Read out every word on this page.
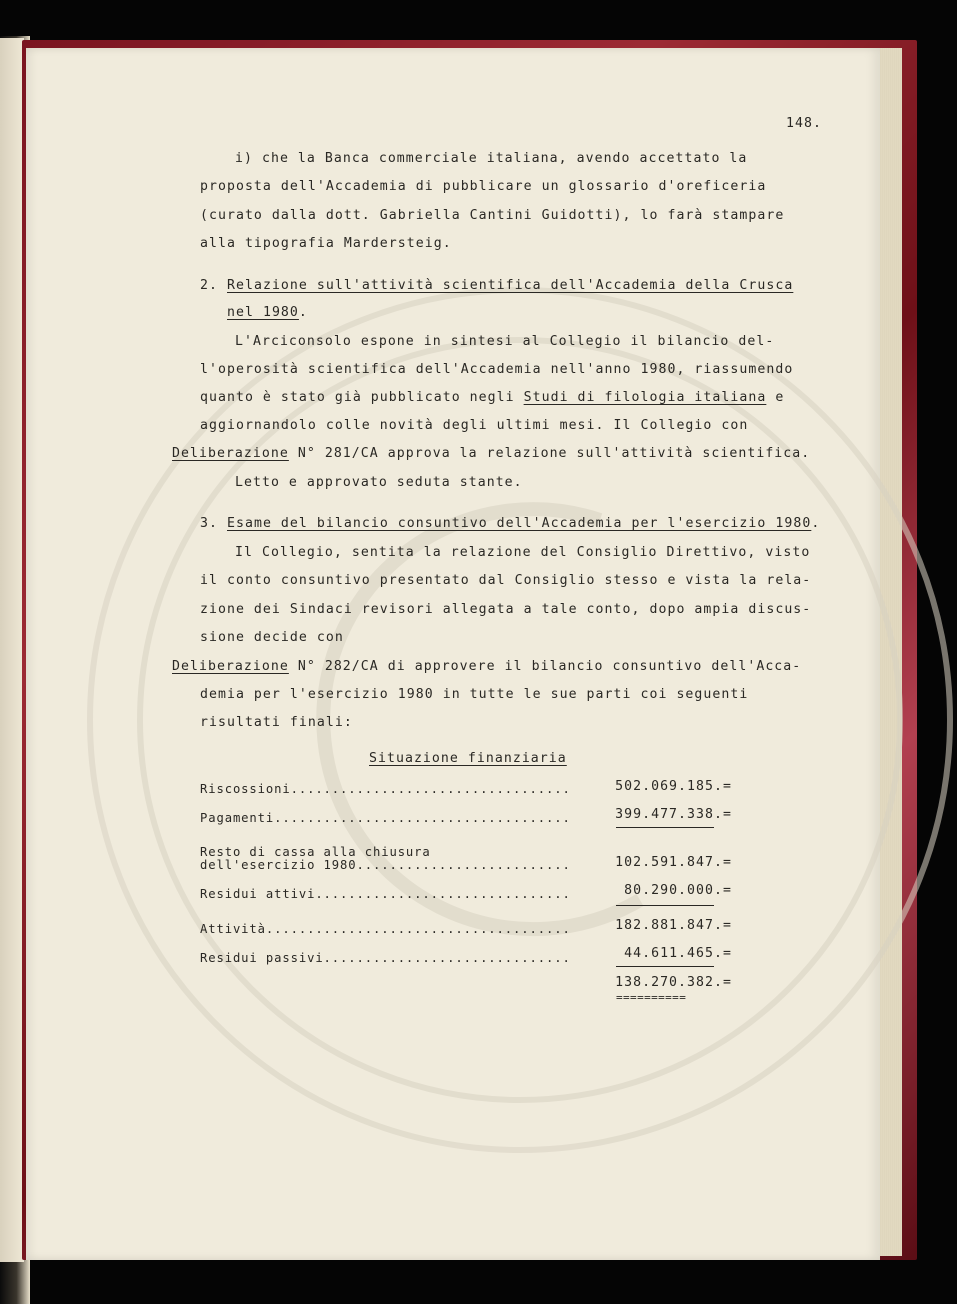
148.
i) che la Banca commerciale italiana, avendo accettato la
proposta dell'Accademia di pubblicare un glossario d'oreficeria
(curato dalla dott. Gabriella Cantini Guidotti), lo farà stampare
alla tipografia Mardersteig.
2. Relazione sull'attività scientifica dell'Accademia della Crusca
nel 1980.
L'Arciconsolo espone in sintesi al Collegio il bilancio del-
l'operosità scientifica dell'Accademia nell'anno 1980, riassumendo
quanto è stato già pubblicato negli Studi di filologia italiana e
aggiornandolo colle novità degli ultimi mesi. Il Collegio con
Deliberazione N° 281/CA approva la relazione sull'attività scientifica.
Letto e approvato seduta stante.
3. Esame del bilancio consuntivo dell'Accademia per l'esercizio 1980.
Il Collegio, sentita la relazione del Consiglio Direttivo, visto
il conto consuntivo presentato dal Consiglio stesso e vista la rela-
zione dei Sindaci revisori allegata a tale conto, dopo ampia discus-
sione decide con
Deliberazione N° 282/CA di approvere il bilancio consuntivo dell'Acca-
demia per l'esercizio 1980 in tutte le sue parti coi seguenti
risultati finali:
Situazione finanziaria
Riscossioni..................................	502.069.185.=
Pagamenti....................................	399.477.338.=
Resto di cassa alla chiusura
dell'esercizio 1980..........................	102.591.847.=
Residui attivi...............................	80.290.000.=
Attività.....................................	182.881.847.=
Residui passivi..............................	44.611.465.=
138.270.382.=
==========
